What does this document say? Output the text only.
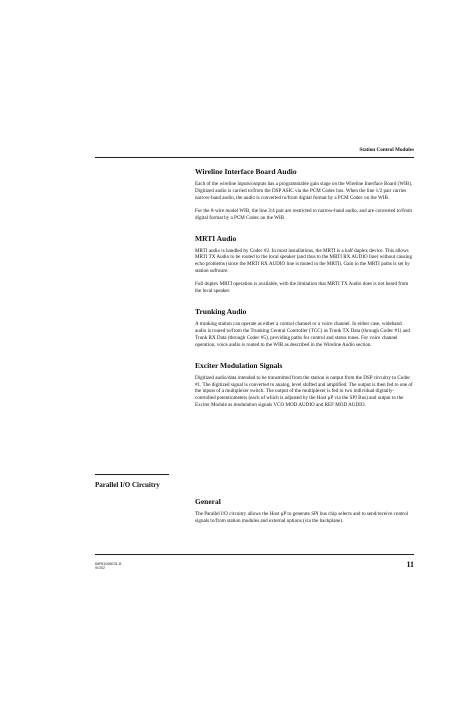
Station Control Modules
Wireline Interface Board Audio

Each of the wireline inputs/outputs has a programmable gain stage on the Wireline Interface Board (WIB). Digitized audio is carried to/from the DSP ASIC via the PCM Codec bus. When the line 1/2 pair carries narrow-band audio, the audio is converted to/from digital format by a PCM Codec on the WIB.

For the 8-wire model WIB, the line 3/4 pair are restricted to narrow-band audio, and are converted to/from digital format by a PCM Codec on the WIB.

MRTI Audio

MRTI audio is handled by Codec #2. In most installations, the MRTI is a half duplex device. This allows MRTI TX Audio to be routed to the local speaker (and thus to the MRTI RX AUDIO line) without causing echo problems (since the MRTI RX AUDIO line is muted in the MRTI). Gain in the MRTI paths is set by station software.

Full duplex MRTI operation is available, with the limitation that MRTI TX Audio does is not heard from the local speaker.

Trunking Audio

A trunking station can operate as either a control channel or a voice channel. In either case, wideband audio is routed to/from the Trunking Central Controller (TCC) as Trunk TX Data (through Codec #1) and Trunk RX Data (through Codec #5), providing paths for control and status tones. For voice channel operation, voice audio is routed to the WIB as described in the Wireline Audio section.

Exciter Modulation Signals

Digitized audio/data intended to be transmitted from the station is output from the DSP circuitry to Codec #1. The digitized signal is converted to analog, level shifted and amplified. The output is then fed to one of the inputs of a multiplexer switch. The output of the multiplexer is fed to two individual digitally-controlled potentiometers (each of which is adjusted by the Host µP via the SPI Bus) and output to the Exciter Module as modulation signals VCO MOD AUDIO and REF MOD AUDIO.

Parallel I/O Circuitry
General

The Parallel I/O circuitry allows the Host µP to generate SPI bus chip selects and to send/receive control signals to/from station modules and external options (via the backplane).

68P81096E31-B
9/1/02	11
